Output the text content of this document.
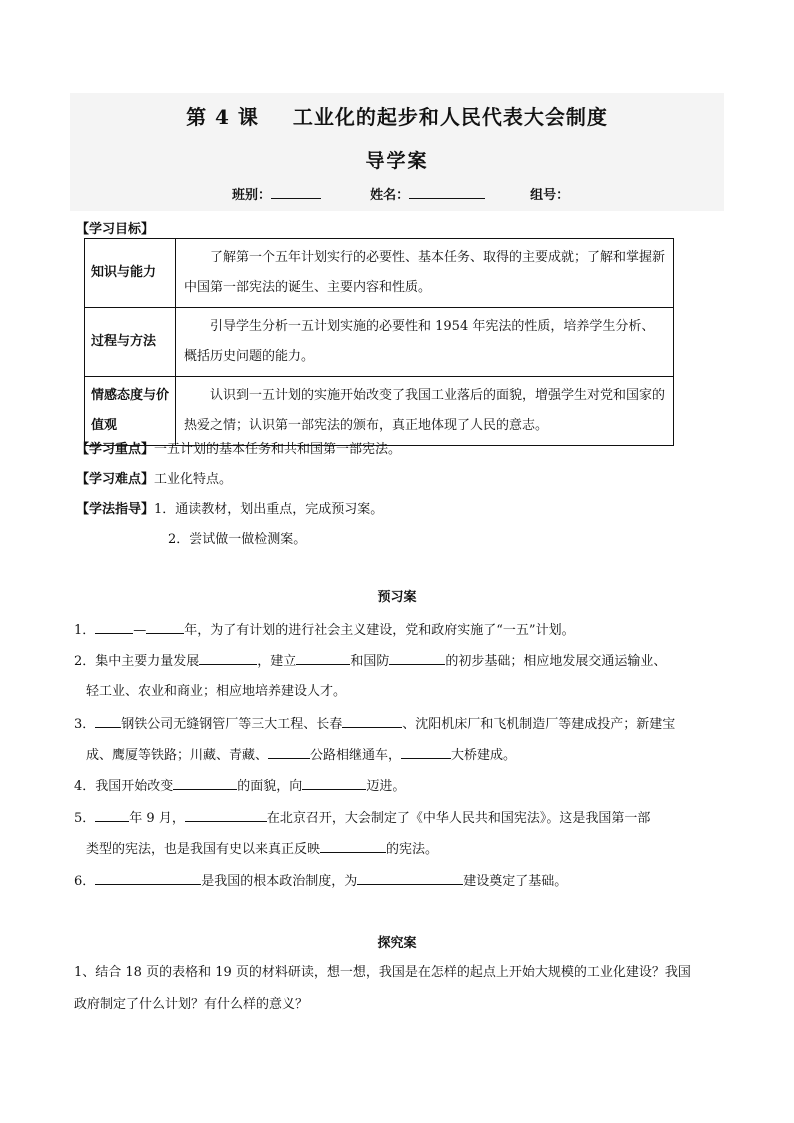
第 4 课 工业化的起步和人民代表大会制度
导学案
班别：	姓名：	组号：
【学习目标】
知识与能力	了解第一个五年计划实行的必要性、基本任务、取得的主要成就；了解和掌握新中国第一部宪法的诞生、主要内容和性质。
过程与方法	引导学生分析一五计划实施的必要性和 1954 年宪法的性质，培养学生分析、概括历史问题的能力。
情感态度与价值观	认识到一五计划的实施开始改变了我国工业落后的面貌，增强学生对党和国家的热爱之情；认识第一部宪法的颁布，真正地体现了人民的意志。
【学习重点】一五计划的基本任务和共和国第一部宪法。
【学习难点】工业化特点。
【学法指导】1．通读教材，划出重点，完成预习案。
2．尝试做一做检测案。
预习案
1．	—	年，为了有计划的进行社会主义建设，党和政府实施了“一五”计划。
2．集中主要力量发展	，建立	和国防	的初步基础；相应地发展交通运输业、
轻工业、农业和商业；相应地培养建设人才。
3． 钢铁公司无缝钢管厂等三大工程、长春	、沈阳机床厂和飞机制造厂等建成投产；新建宝
成、鹰厦等铁路；川藏、青藏、	公路相继通车，	大桥建成。
4．我国开始改变	的面貌，向	迈进。
5．	年 9 月，	在北京召开，大会制定了《中华人民共和国宪法》。这是我国第一部
类型的宪法，也是我国有史以来真正反映	的宪法。
6．	是我国的根本政治制度，为	建设奠定了基础。
探究案
1、结合 18 页的表格和 19 页的材料研读，想一想，我国是在怎样的起点上开始大规模的工业化建设？我国
政府制定了什么计划？有什么样的意义？
